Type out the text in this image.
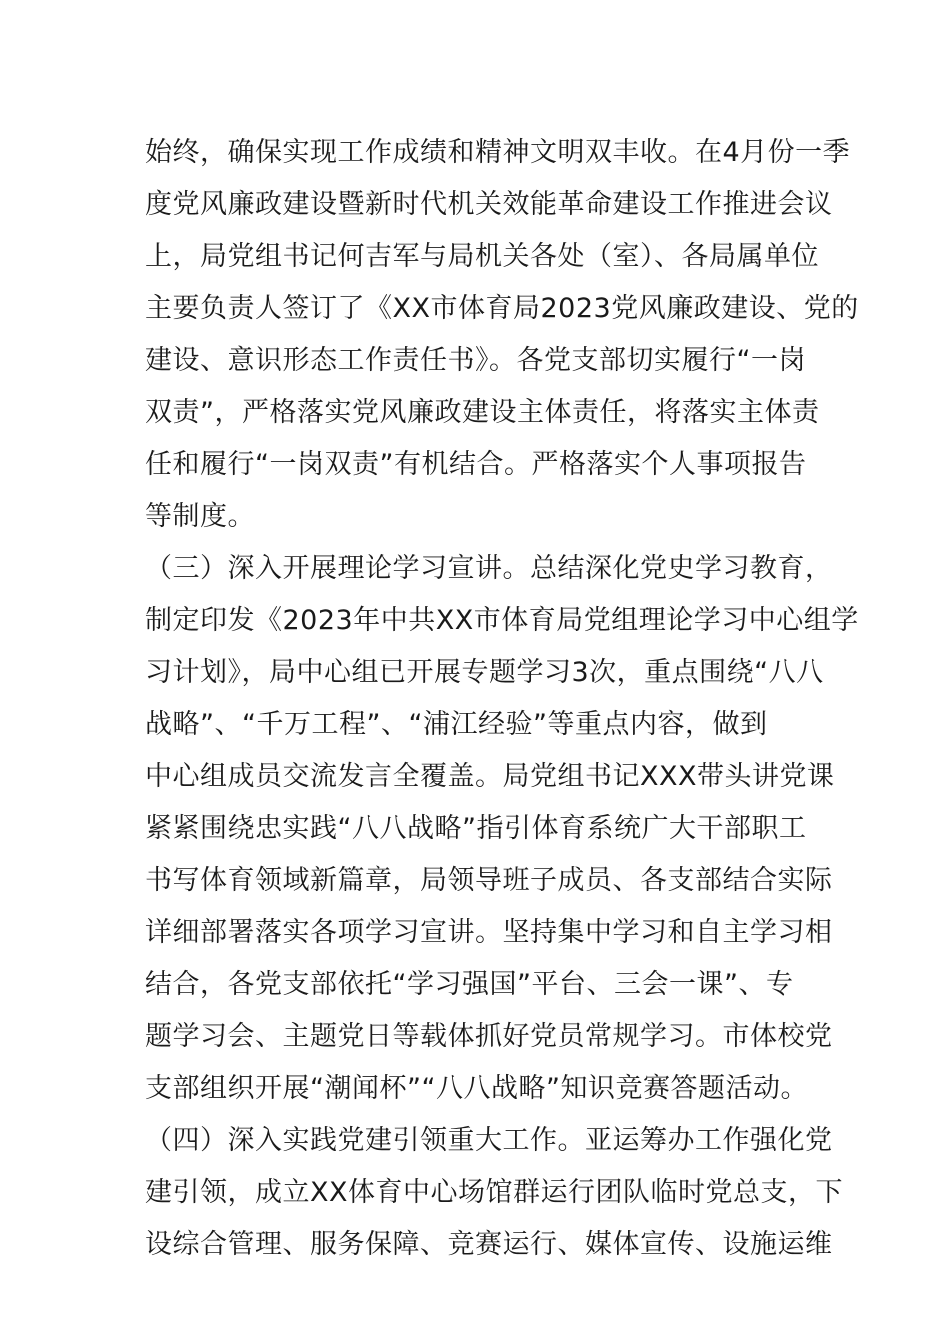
始终，确保实现工作成绩和精神文明双丰收。在4月份一季
度党风廉政建设暨新时代机关效能革命建设工作推进会议
上，局党组书记何吉军与局机关各处（室）、各局属单位
主要负责人签订了《XX市体育局2023党风廉政建设、党的
建设、意识形态工作责任书》。各党支部切实履行“一岗
双责”，严格落实党风廉政建设主体责任，将落实主体责
任和履行“一岗双责”有机结合。严格落实个人事项报告
等制度。
（三）深入开展理论学习宣讲。总结深化党史学习教育，
制定印发《2023年中共XX市体育局党组理论学习中心组学
习计划》，局中心组已开展专题学习3次，重点围绕“八八
战略”、“千万工程”、“浦江经验”等重点内容，做到
中心组成员交流发言全覆盖。局党组书记XXX带头讲党课
紧紧围绕忠实践“八八战略”指引体育系统广大干部职工
书写体育领域新篇章，局领导班子成员、各支部结合实际
详细部署落实各项学习宣讲。坚持集中学习和自主学习相
结合，各党支部依托“学习强国”平台、三会一课”、专
题学习会、主题党日等载体抓好党员常规学习。市体校党
支部组织开展“潮闻杯”“八八战略”知识竞赛答题活动。
（四）深入实践党建引领重大工作。亚运筹办工作强化党
建引领，成立XX体育中心场馆群运行团队临时党总支，下
设综合管理、服务保障、竞赛运行、媒体宣传、设施运维
